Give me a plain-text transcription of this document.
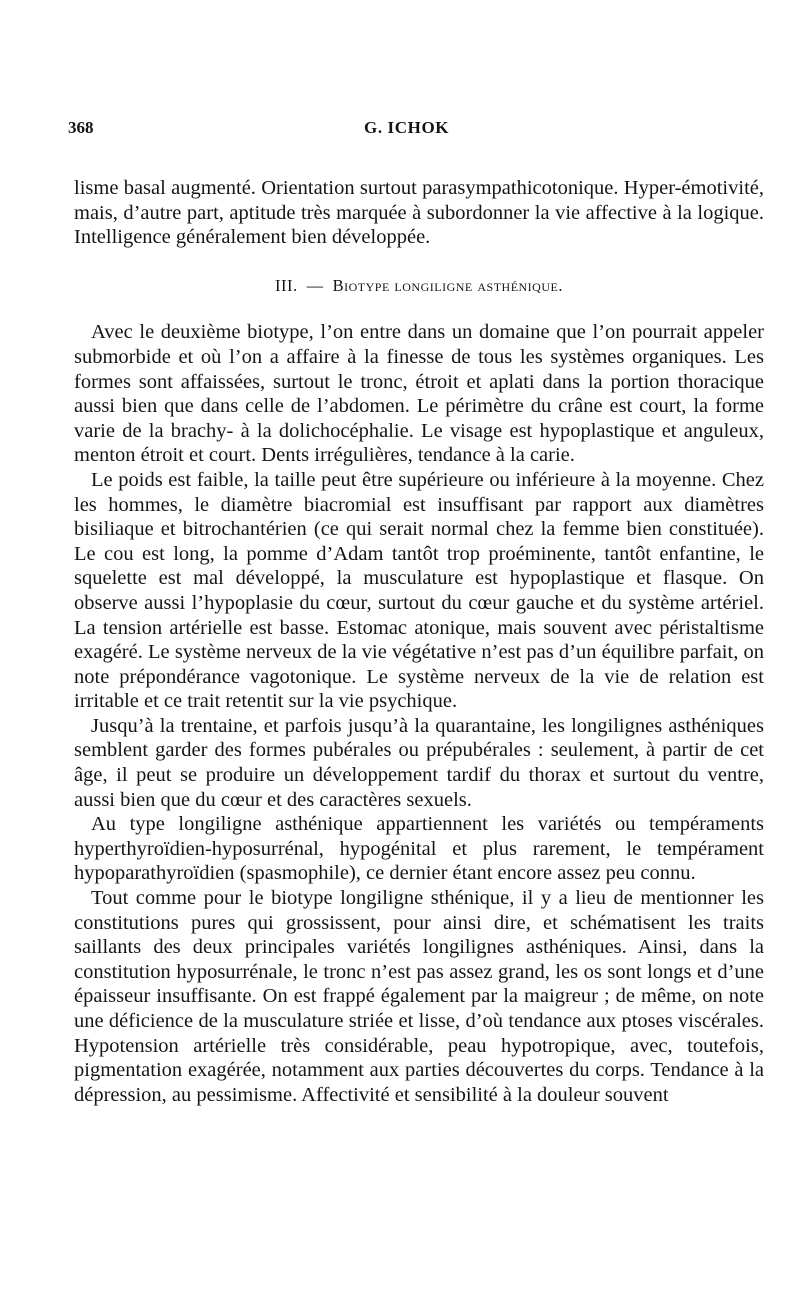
368	G. ICHOK

lisme basal augmenté. Orientation surtout parasympathicotonique. Hyper-émotivité, mais, d’autre part, aptitude très marquée à subordonner la vie affective à la logique. Intelligence généralement bien développée.

III. — Biotype longiligne asthénique.

Avec le deuxième biotype, l’on entre dans un domaine que l’on pourrait appeler submorbide et où l’on a affaire à la finesse de tous les systèmes organiques. Les formes sont affaissées, surtout le tronc, étroit et aplati dans la portion thoracique aussi bien que dans celle de l’abdomen. Le périmètre du crâne est court, la forme varie de la brachy- à la dolichocéphalie. Le visage est hypoplastique et anguleux, menton étroit et court. Dents irrégulières, tendance à la carie.

Le poids est faible, la taille peut être supérieure ou inférieure à la moyenne. Chez les hommes, le diamètre biacromial est insuffisant par rapport aux diamètres bisiliaque et bitrochantérien (ce qui serait normal chez la femme bien constituée). Le cou est long, la pomme d’Adam tantôt trop proéminente, tantôt enfantine, le squelette est mal développé, la musculature est hypoplastique et flasque. On observe aussi l’hypoplasie du cœur, surtout du cœur gauche et du système artériel. La tension artérielle est basse. Estomac atonique, mais souvent avec péristaltisme exagéré. Le système nerveux de la vie végétative n’est pas d’un équilibre parfait, on note prépondérance vagotonique. Le système nerveux de la vie de relation est irritable et ce trait retentit sur la vie psychique.

Jusqu’à la trentaine, et parfois jusqu’à la quarantaine, les longilignes asthéniques semblent garder des formes pubérales ou prépubérales : seulement, à partir de cet âge, il peut se produire un développement tardif du thorax et surtout du ventre, aussi bien que du cœur et des caractères sexuels.

Au type longiligne asthénique appartiennent les variétés ou tempéraments hyperthyroïdien-hyposurrénal, hypogénital et plus rarement, le tempérament hypoparathyroïdien (spasmophile), ce dernier étant encore assez peu connu.

Tout comme pour le biotype longiligne sthénique, il y a lieu de mentionner les constitutions pures qui grossissent, pour ainsi dire, et schématisent les traits saillants des deux principales variétés longilignes asthéniques. Ainsi, dans la constitution hyposurrénale, le tronc n’est pas assez grand, les os sont longs et d’une épaisseur insuffisante. On est frappé également par la maigreur ; de même, on note une déficience de la musculature striée et lisse, d’où tendance aux ptoses viscérales. Hypotension artérielle très considérable, peau hypotropique, avec, toutefois, pigmentation exagérée, notamment aux parties découvertes du corps. Tendance à la dépression, au pessimisme. Affectivité et sensibilité à la douleur souvent
